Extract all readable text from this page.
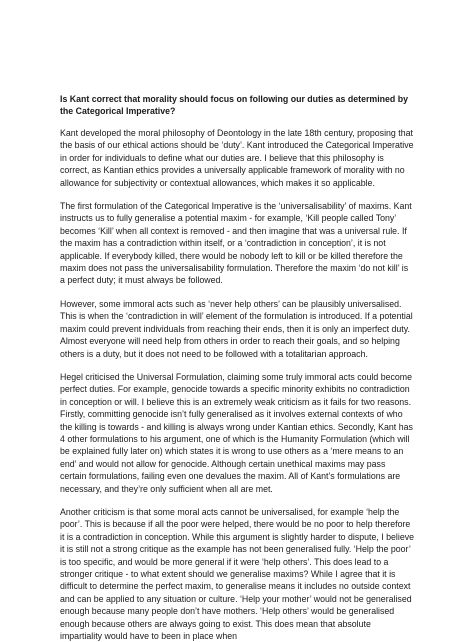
Is Kant correct that morality should focus on following our duties as determined by the Categorical Imperative?

Kant developed the moral philosophy of Deontology in the late 18th century, proposing that the basis of our ethical actions should be ‘duty’. Kant introduced the Categorical Imperative in order for individuals to define what our duties are. I believe that this philosophy is correct, as Kantian ethics provides a universally applicable framework of morality with no allowance for subjectivity or contextual allowances, which makes it so applicable.

The first formulation of the Categorical Imperative is the ‘universalisability’ of maxims. Kant instructs us to fully generalise a potential maxim - for example, ‘Kill people called Tony’ becomes ‘Kill’ when all context is removed - and then imagine that was a universal rule. If the maxim has a contradiction within itself, or a ‘contradiction in conception’, it is not applicable. If everybody killed, there would be nobody left to kill or be killed therefore the maxim does not pass the universalisability formulation. Therefore the maxim ‘do not kill’ is a perfect duty; it must always be followed.

However, some immoral acts such as ‘never help others’ can be plausibly universalised. This is when the ‘contradiction in will’ element of the formulation is introduced. If a potential maxim could prevent individuals from reaching their ends, then it is only an imperfect duty. Almost everyone will need help from others in order to reach their goals, and so helping others is a duty, but it does not need to be followed with a totalitarian approach.

Hegel criticised the Universal Formulation, claiming some truly immoral acts could become perfect duties. For example, genocide towards a specific minority exhibits no contradiction in conception or will. I believe this is an extremely weak criticism as it fails for two reasons. Firstly, committing genocide isn’t fully generalised as it involves external contexts of who the killing is towards - and killing is always wrong under Kantian ethics. Secondly, Kant has 4 other formulations to his argument, one of which is the Humanity Formulation (which will be explained fully later on) which states it is wrong to use others as a ‘mere means to an end’ and would not allow for genocide. Although certain unethical maxims may pass certain formulations, failing even one devalues the maxim. All of Kant’s formulations are necessary, and they’re only sufficient when all are met.

Another criticism is that some moral acts cannot be universalised, for example ‘help the poor’. This is because if all the poor were helped, there would be no poor to help therefore it is a contradiction in conception. While this argument is slightly harder to dispute, I believe it is still not a strong critique as the example has not been generalised fully. ‘Help the poor’ is too specific, and would be more general if it were ‘help others’. This does lead to a stronger critique - to what extent should we generalise maxims? While I agree that it is difficult to determine the perfect maxim, to generalise means it includes no outside context and can be applied to any situation or culture. ‘Help your mother’ would not be generalised enough because many people don’t have mothers. ‘Help others’ would be generalised enough because others are always going to exist. This does mean that absolute impartiality would have to been in place when
